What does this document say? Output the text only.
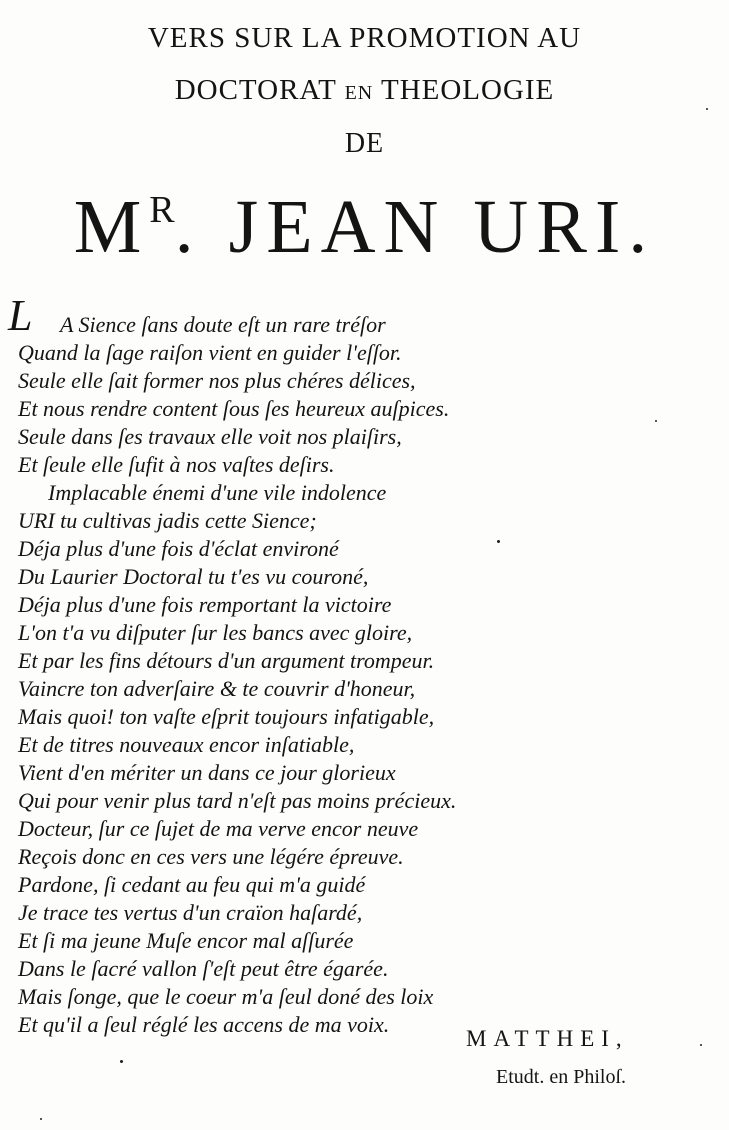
VERS SUR LA PROMOTION AU
DOCTORAT EN THEOLOGIE
DE
$M^R$. JEAN URI.
L A Sience ſans doute eſt un rare tréſor
Quand la ſage raiſon vient en guider l'eſſor.
Seule elle ſait former nos plus chéres délices,
Et nous rendre content ſous ſes heureux auſpices.
Seule dans ſes travaux elle voit nos plaiſirs,
Et ſeule elle ſufit à nos vaſtes deſirs.
Implacable énemi d'une vile indolence
URI tu cultivas jadis cette Sience;
Déja plus d'une fois d'éclat environé
Du Laurier Doctoral tu t'es vu couroné,
Déja plus d'une fois remportant la victoire
L'on t'a vu diſputer ſur les bancs avec gloire,
Et par les fins détours d'un argument trompeur.
Vaincre ton adverſaire & te couvrir d'honeur,
Mais quoi! ton vaſte eſprit toujours infatigable,
Et de titres nouveaux encor inſatiable,
Vient d'en mériter un dans ce jour glorieux
Qui pour venir plus tard n'eſt pas moins précieux.
Docteur, ſur ce ſujet de ma verve encor neuve
Reçois donc en ces vers une légére épreuve.
Pardone, ſi cedant au feu qui m'a guidé
Je trace tes vertus d'un craïon haſardé,
Et ſi ma jeune Muſe encor mal aſſurée
Dans le ſacré vallon ſ'eſt peut être égarée.
Mais ſonge, que le coeur m'a ſeul doné des loix
Et qu'il a ſeul réglé les accens de ma voix.
MATTHEI,
Etudt. en Philoſ.
